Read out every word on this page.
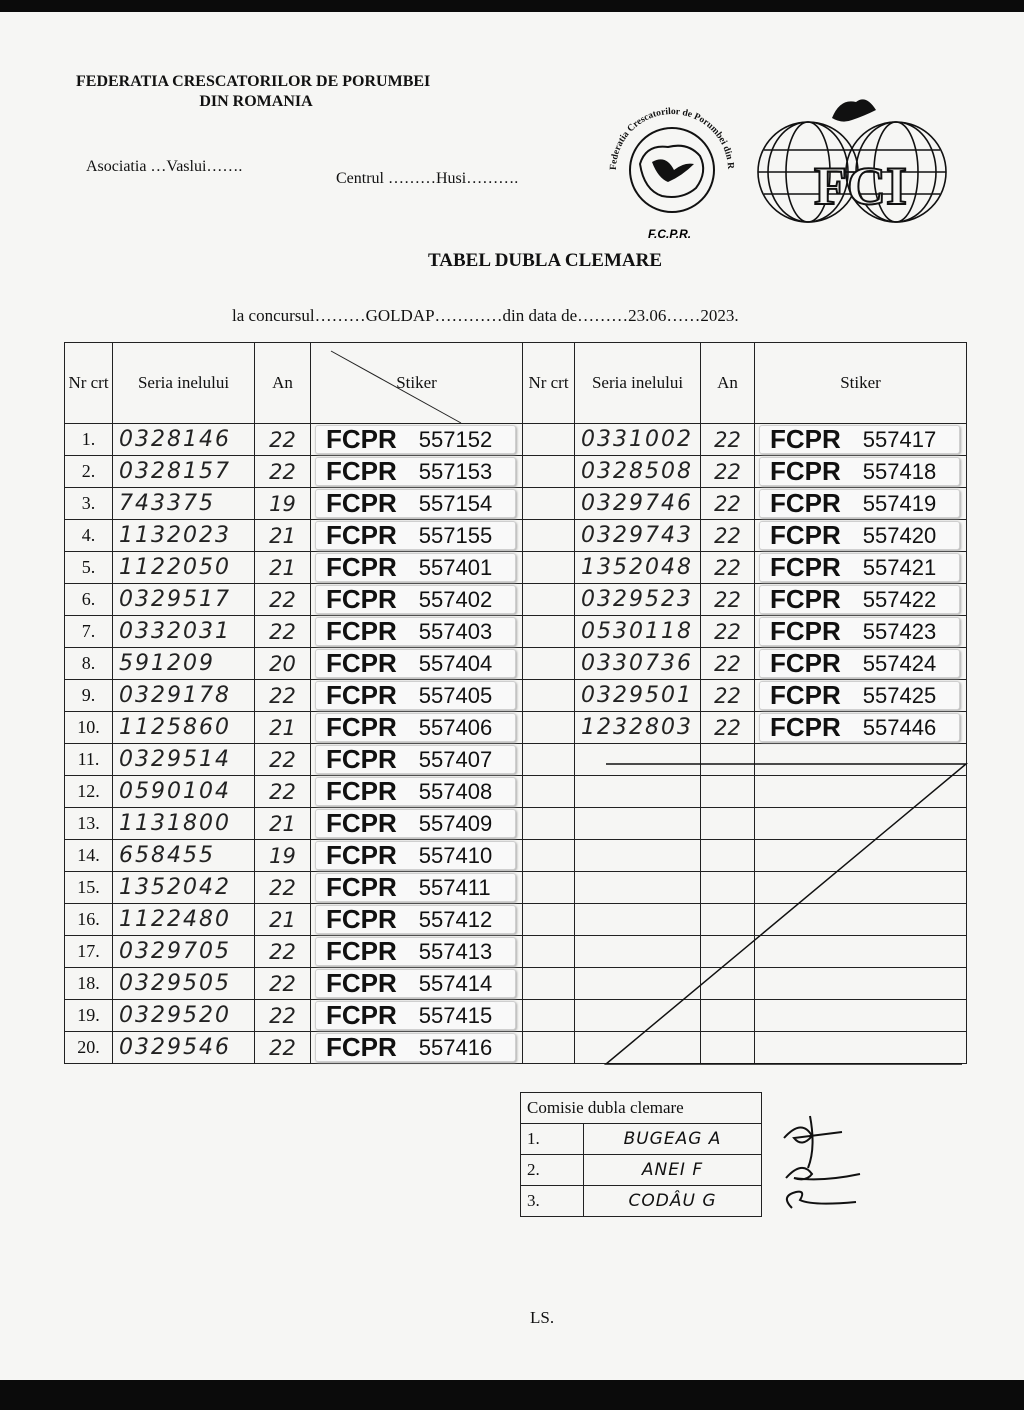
FEDERATIA CRESCATORILOR DE PORUMBEI
DIN ROMANIA
Asociatia …Vaslui…….
Centrul ………Husi……….
Federatia Crescatorilor de Porumbei din Romania
F.C.P.R.
FCI
TABEL DUBLA CLEMARE
la concursul………GOLDAP…………din data de………23.06……2023.
Nr crt	Seria inelului	An	Stiker	Nr crt	Seria inelului	An	Stiker
1.	0328146	22	FCPR 557152		0331002	22	FCPR 557417

2.	0328157	22	FCPR 557153		0328508	22	FCPR 557418

3.	743375	19	FCPR 557154		0329746	22	FCPR 557419

4.	1132023	21	FCPR 557155		0329743	22	FCPR 557420

5.	1122050	21	FCPR 557401		1352048	22	FCPR 557421

6.	0329517	22	FCPR 557402		0329523	22	FCPR 557422

7.	0332031	22	FCPR 557403		0530118	22	FCPR 557423

8.	591209	20	FCPR 557404		0330736	22	FCPR 557424

9.	0329178	22	FCPR 557405		0329501	22	FCPR 557425

10.	1125860	21	FCPR 557406		1232803	22	FCPR 557446

11.	0329514	22	FCPR 557407				

12.	0590104	22	FCPR 557408				

13.	1131800	21	FCPR 557409				

14.	658455	19	FCPR 557410				

15.	1352042	22	FCPR 557411				

16.	1122480	21	FCPR 557412				

17.	0329705	22	FCPR 557413				

18.	0329505	22	FCPR 557414				

19.	0329520	22	FCPR 557415				

20.	0329546	22	FCPR 557416				

Comisie dubla clemare	
1.	BUGEAG A
2.	ANEI F
3.	CODÂU G
LS.
